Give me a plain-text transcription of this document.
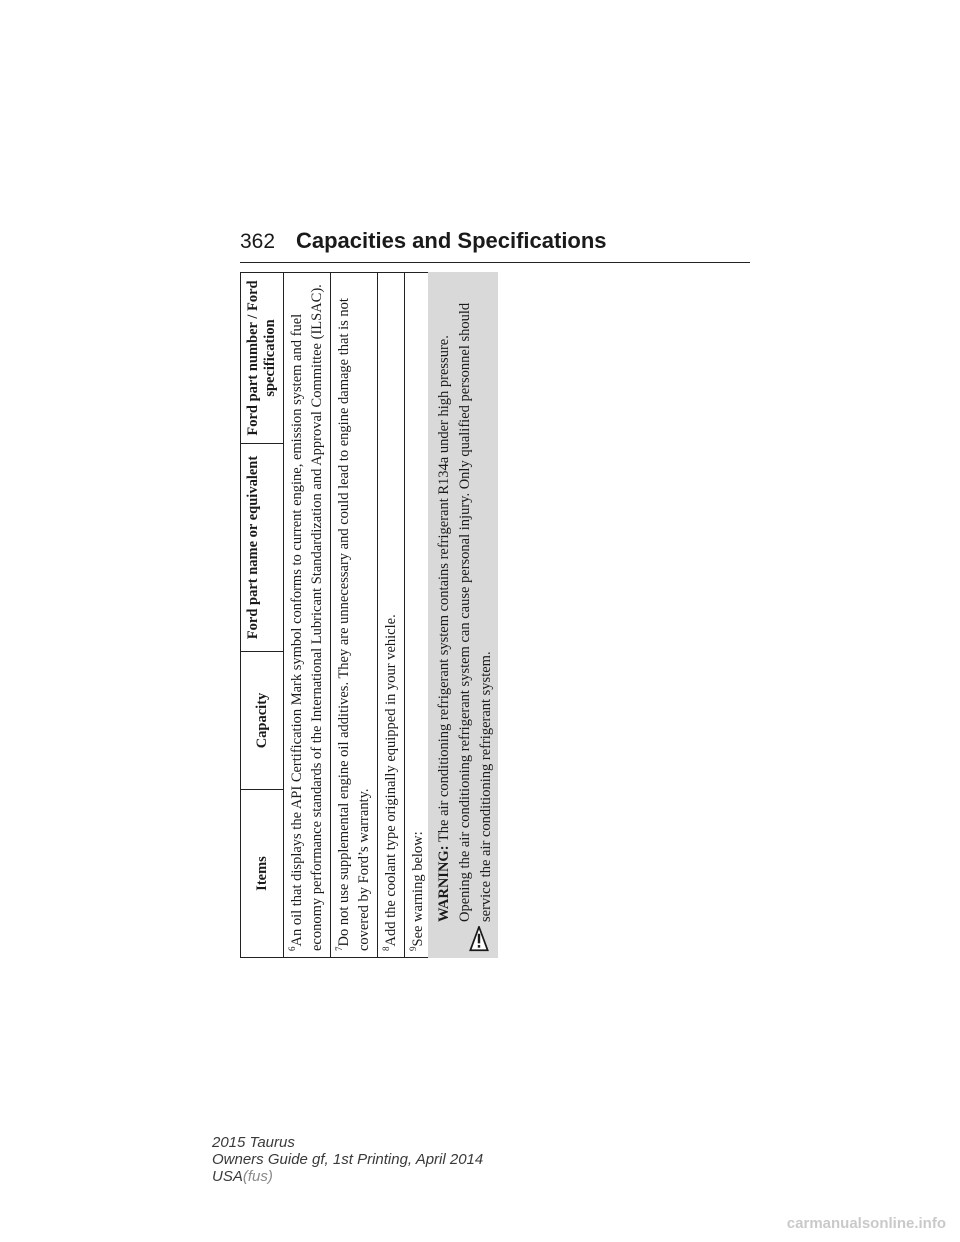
362 Capacities and Specifications
Items	Capacity	Ford part name or equivalent	Ford part number / Ford specification
$^6$An oil that displays the API Certification Mark symbol conforms to current engine, emission system and fuel economy performance standards of the International Lubricant Standardization and Approval Committee (ILSAC).
$^7$Do not use supplemental engine oil additives. They are unnecessary and could lead to engine damage that is not covered by Ford’s warranty.
$^8$Add the coolant type originally equipped in your vehicle.
$^9$See warning below: WARNING: The air conditioning refrigerant system contains refrigerant R134a under high pressure. Opening the air conditioning refrigerant system can cause personal injury. Only qualified personnel should service the air conditioning refrigerant system.
2015 Taurus
Owners Guide gf, 1st Printing, April 2014
USA(fus)
carmanualsonline.info
